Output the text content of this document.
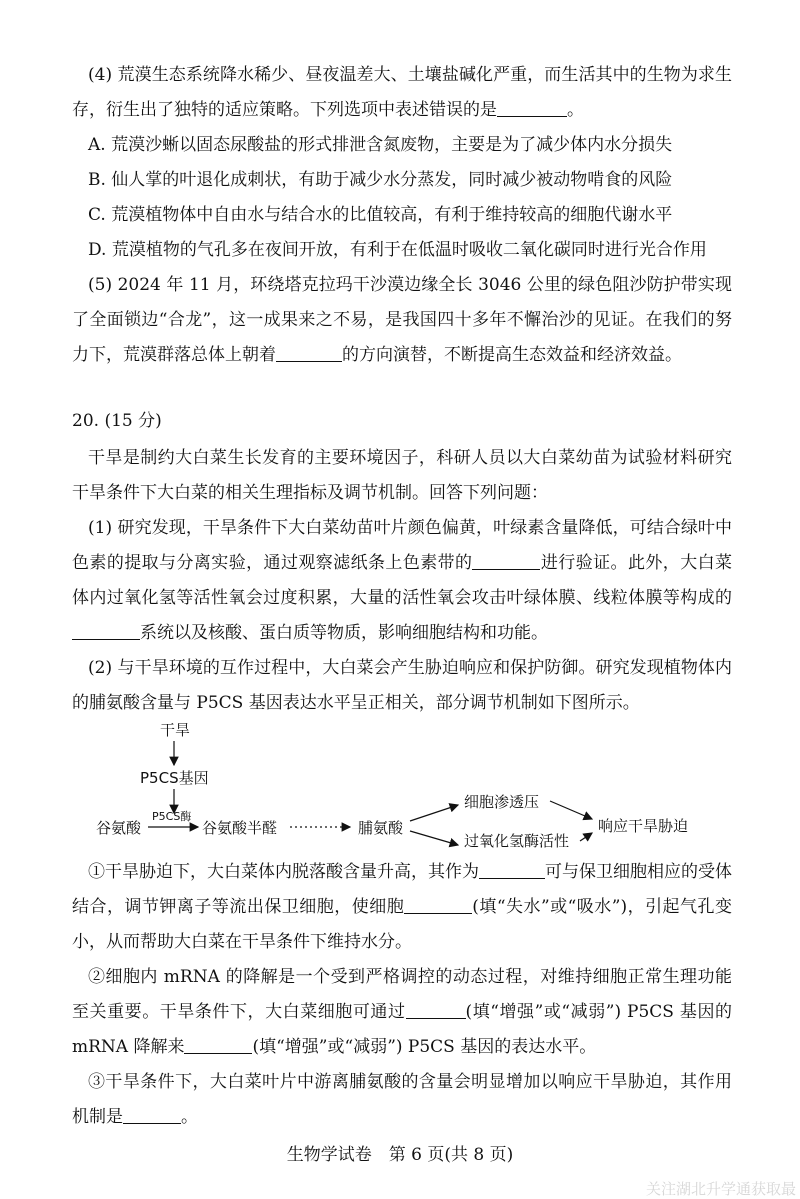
(4) 荒漠生态系统降水稀少、昼夜温差大、土壤盐碱化严重，而生活其中的生物为求生存，衍生出了独特的适应策略。下列选项中表述错误的是	。

A. 荒漠沙蜥以固态尿酸盐的形式排泄含氮废物，主要是为了减少体内水分损失

B. 仙人掌的叶退化成刺状，有助于减少水分蒸发，同时减少被动物啃食的风险

C. 荒漠植物体中自由水与结合水的比值较高，有利于维持较高的细胞代谢水平

D. 荒漠植物的气孔多在夜间开放，有利于在低温时吸收二氧化碳同时进行光合作用

(5) 2024 年 11 月，环绕塔克拉玛干沙漠边缘全长 3046 公里的绿色阻沙防护带实现了全面锁边“合龙”，这一成果来之不易，是我国四十多年不懈治沙的见证。在我们的努力下，荒漠群落总体上朝着	的方向演替，不断提高生态效益和经济效益。

20. (15 分)

干旱是制约大白菜生长发育的主要环境因子，科研人员以大白菜幼苗为试验材料研究干旱条件下大白菜的相关生理指标及调节机制。回答下列问题：

(1) 研究发现，干旱条件下大白菜幼苗叶片颜色偏黄，叶绿素含量降低，可结合绿叶中色素的提取与分离实验，通过观察滤纸条上色素带的	进行验证。此外，大白菜体内过氧化氢等活性氧会过度积累，大量的活性氧会攻击叶绿体膜、线粒体膜等构成的系统以及核酸、蛋白质等物质，影响细胞结构和功能。

(2) 与干旱环境的互作过程中，大白菜会产生胁迫响应和保护防御。研究发现植物体内的脯氨酸含量与 P5CS 基因表达水平呈正相关，部分调节机制如下图所示。

干旱
P5CS基因
谷氨酸
P5CS酶
谷氨酸半醛	脯氨酸
细胞渗透压
过氧化氢酶活性
响应干旱胁迫

①干旱胁迫下，大白菜体内脱落酸含量升高，其作为	可与保卫细胞相应的受体结合，调节钾离子等流出保卫细胞，使细胞	(填“失水”或“吸水”)，引起气孔变小，从而帮助大白菜在干旱条件下维持水分。

②细胞内 mRNA 的降解是一个受到严格调控的动态过程，对维持细胞正常生理功能至关重要。干旱条件下，大白菜细胞可通过	(填“增强”或“减弱”) P5CS 基因的 mRNA 降解来	(填“增强”或“减弱”) P5CS 基因的表达水平。

③干旱条件下，大白菜叶片中游离脯氨酸的含量会明显增加以响应干旱胁迫，其作用机制是	。

生物学试卷　第 6 页(共 8 页)
关注湖北升学通获取最
